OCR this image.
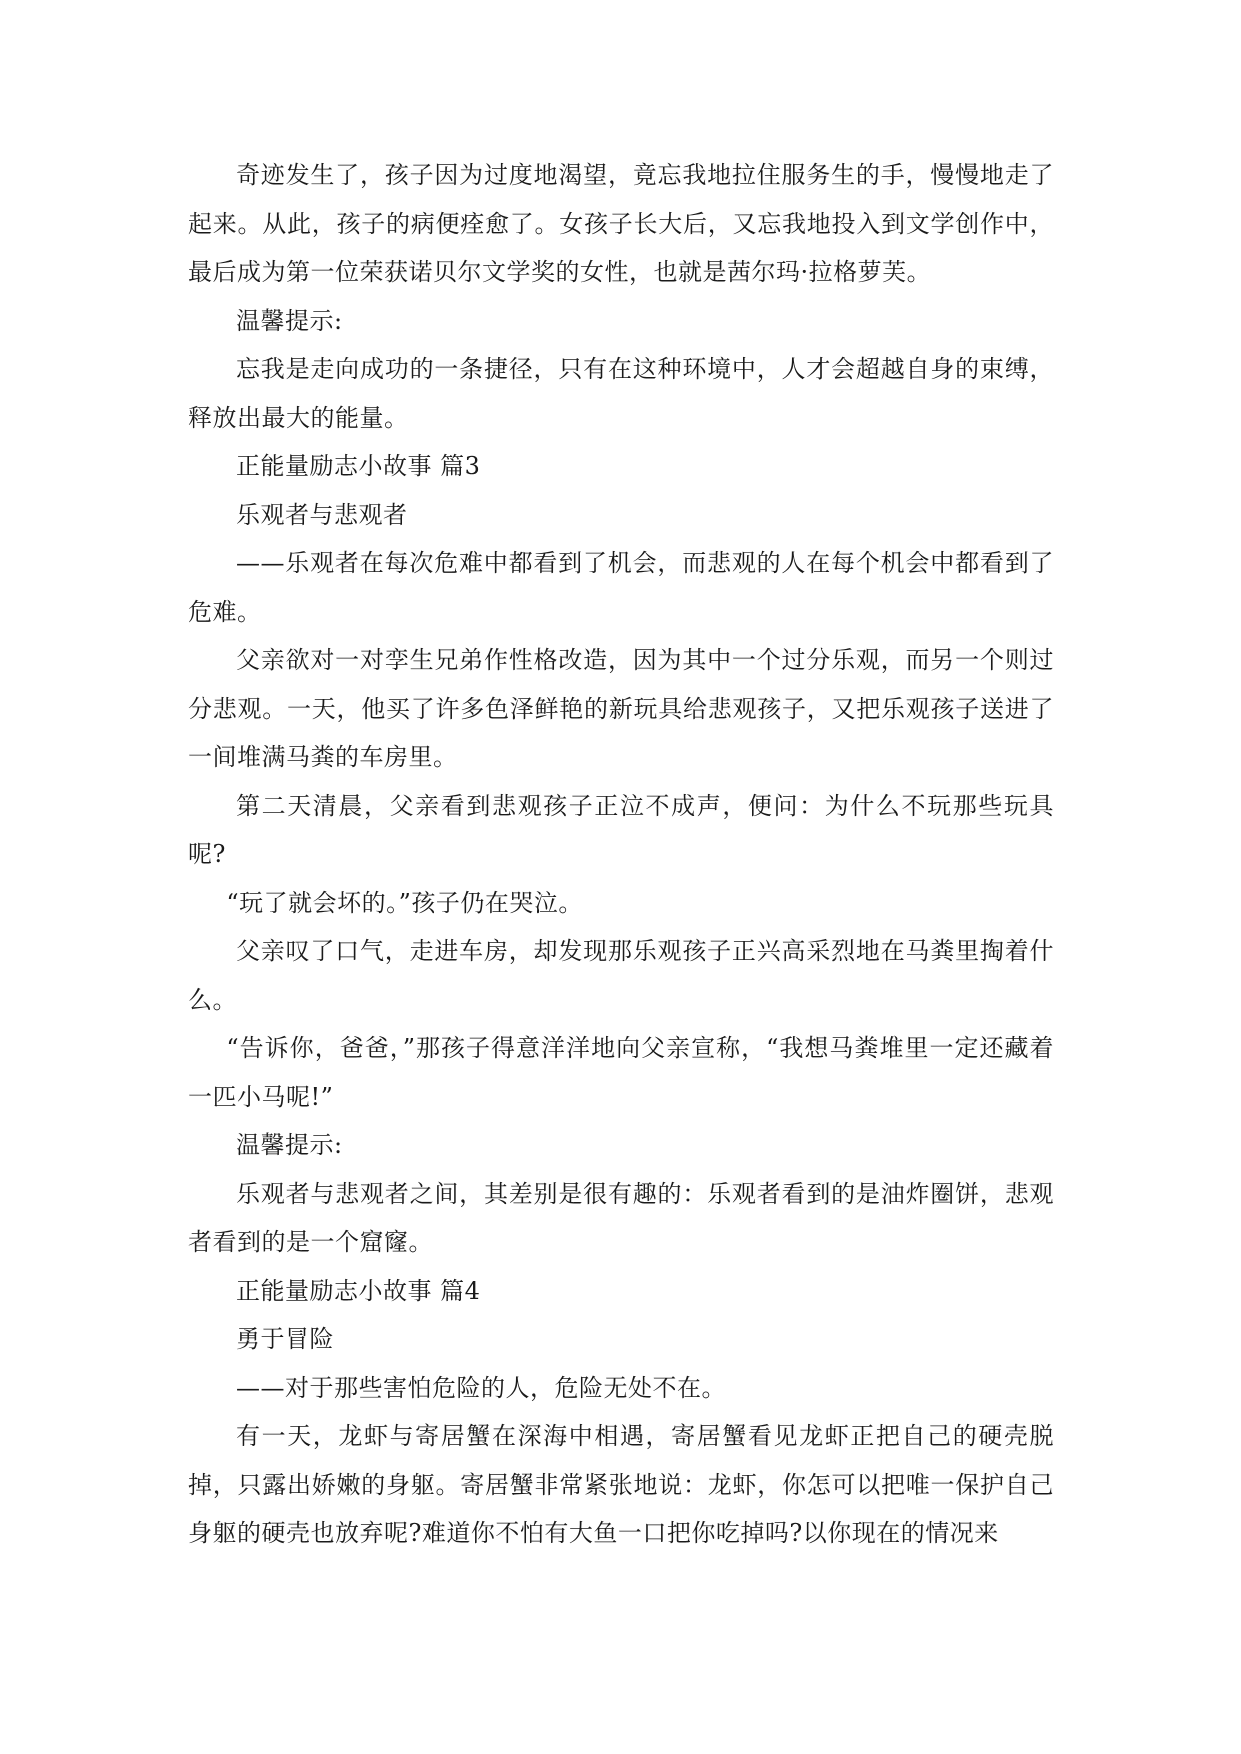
奇迹发生了，孩子因为过度地渴望，竟忘我地拉住服务生的手，慢慢地走了起来。从此，孩子的病便痊愈了。女孩子长大后，又忘我地投入到文学创作中，最后成为第一位荣获诺贝尔文学奖的女性，也就是茜尔玛·拉格萝芙。

温馨提示:

忘我是走向成功的一条捷径，只有在这种环境中，人才会超越自身的束缚，释放出最大的能量。

正能量励志小故事 篇3

乐观者与悲观者

——乐观者在每次危难中都看到了机会，而悲观的人在每个机会中都看到了危难。

父亲欲对一对孪生兄弟作性格改造，因为其中一个过分乐观，而另一个则过分悲观。一天，他买了许多色泽鲜艳的新玩具给悲观孩子，又把乐观孩子送进了一间堆满马粪的车房里。

第二天清晨，父亲看到悲观孩子正泣不成声，便问：为什么不玩那些玩具呢?

“玩了就会坏的。”孩子仍在哭泣。

父亲叹了口气，走进车房，却发现那乐观孩子正兴高采烈地在马粪里掏着什么。

“告诉你，爸爸，”那孩子得意洋洋地向父亲宣称，“我想马粪堆里一定还藏着一匹小马呢!”

温馨提示:

乐观者与悲观者之间，其差别是很有趣的：乐观者看到的是油炸圈饼，悲观者看到的是一个窟窿。

正能量励志小故事 篇4

勇于冒险

——对于那些害怕危险的人，危险无处不在。

有一天，龙虾与寄居蟹在深海中相遇，寄居蟹看见龙虾正把自己的硬壳脱掉，只露出娇嫩的身躯。寄居蟹非常紧张地说：龙虾，你怎可以把唯一保护自己身躯的硬壳也放弃呢?难道你不怕有大鱼一口把你吃掉吗?以你现在的情况来
